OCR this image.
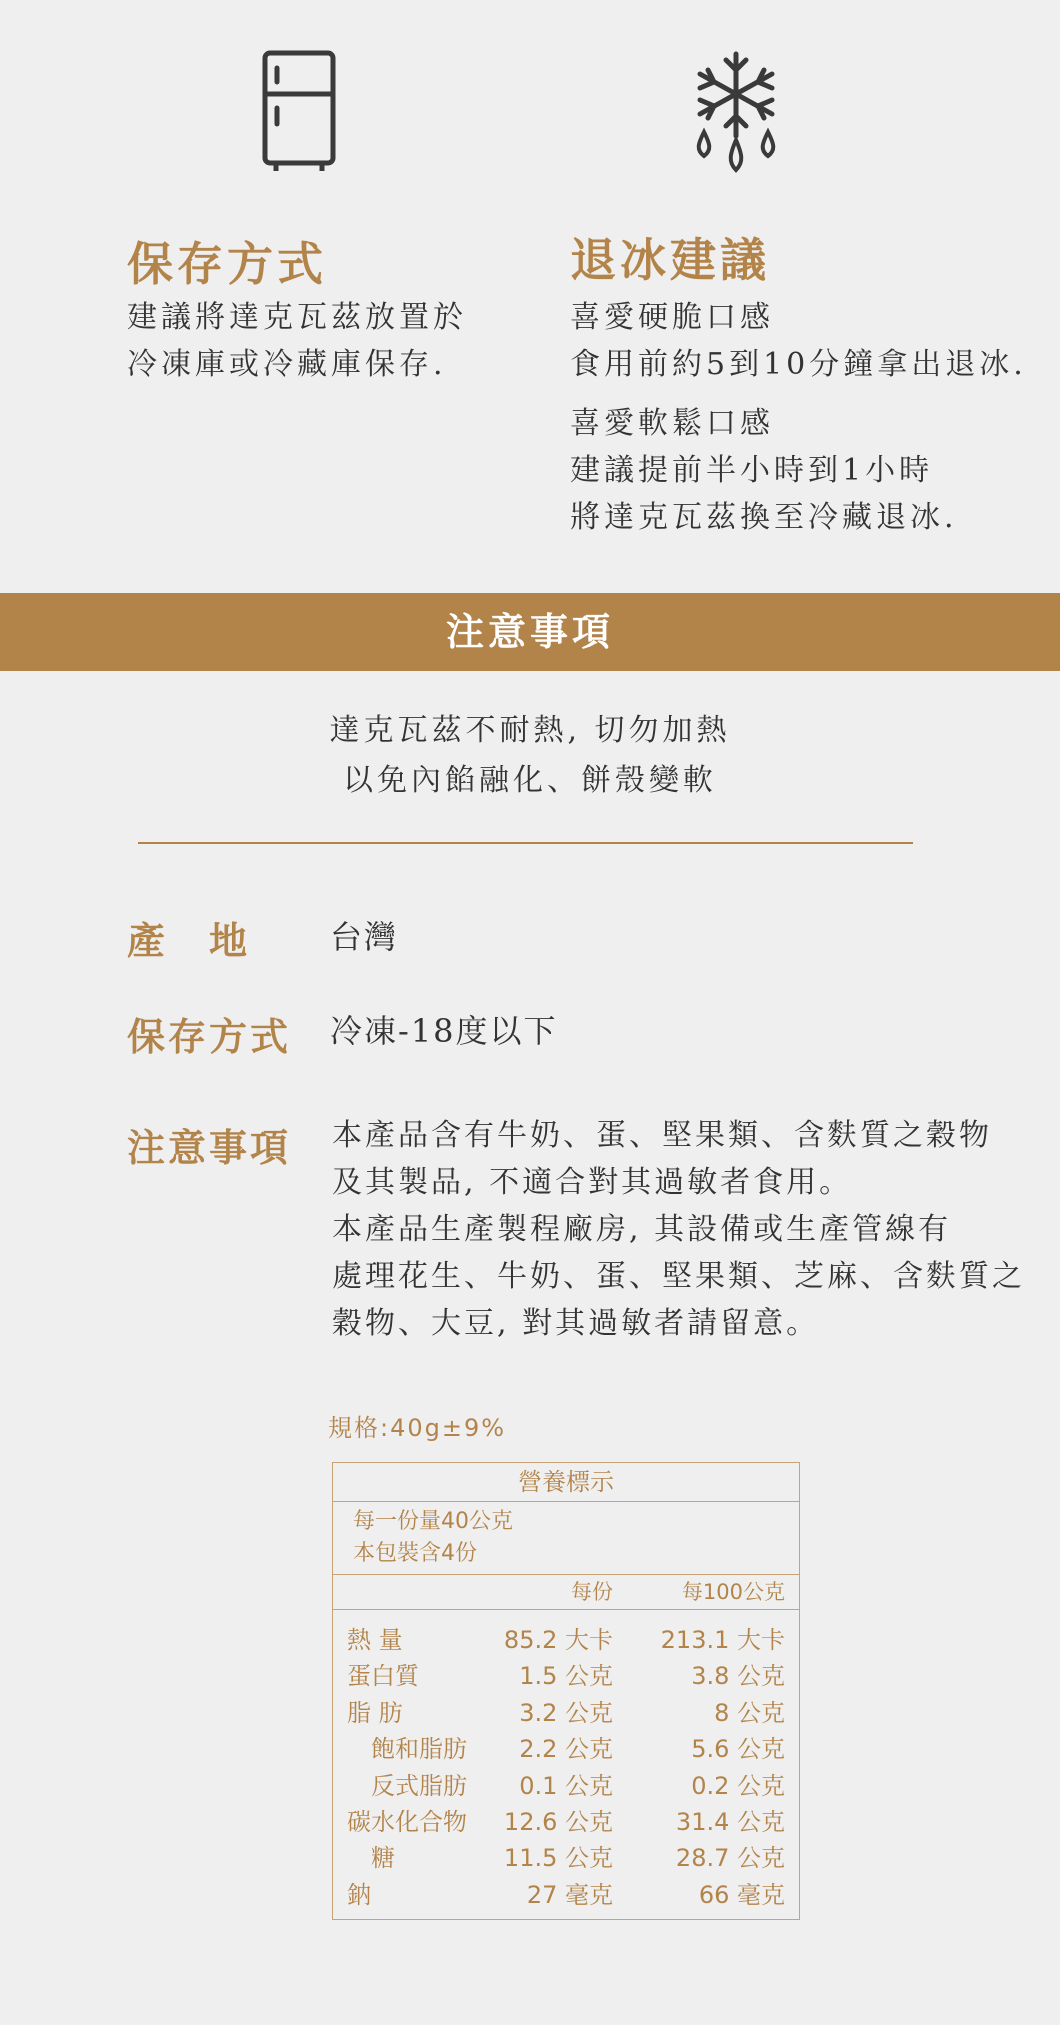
保存方式
建議將達克瓦茲放置於
冷凍庫或冷藏庫保存.
退冰建議
喜愛硬脆口感
食用前約5到10分鐘拿出退冰.
喜愛軟鬆口感
建議提前半小時到1小時
將達克瓦茲換至冷藏退冰.
注意事項
達克瓦茲不耐熱, 切勿加熱
以免內餡融化、餅殼變軟
產　地 台灣
保存方式 冷凍-18度以下
注意事項 本產品含有牛奶、蛋、堅果類、含麩質之穀物
及其製品, 不適合對其過敏者食用。
本產品生產製程廠房, 其設備或生產管線有
處理花生、牛奶、蛋、堅果類、芝麻、含麩質之
穀物、大豆, 對其過敏者請留意。
規格:40g±9%
營養標示
每一份量40公克
本包裝含4份
每份	每100公克
熱 量	85.2 大卡 213.1 大卡
蛋白質	1.5 公克	3.8 公克
脂 肪	3.2 公克	8 公克
　飽和脂肪 2.2 公克	5.6 公克
　反式脂肪 0.1 公克	0.2 公克
碳水化合物 12.6 公克	31.4 公克
　糖	11.5 公克	28.7 公克
鈉	27 毫克	66 毫克
